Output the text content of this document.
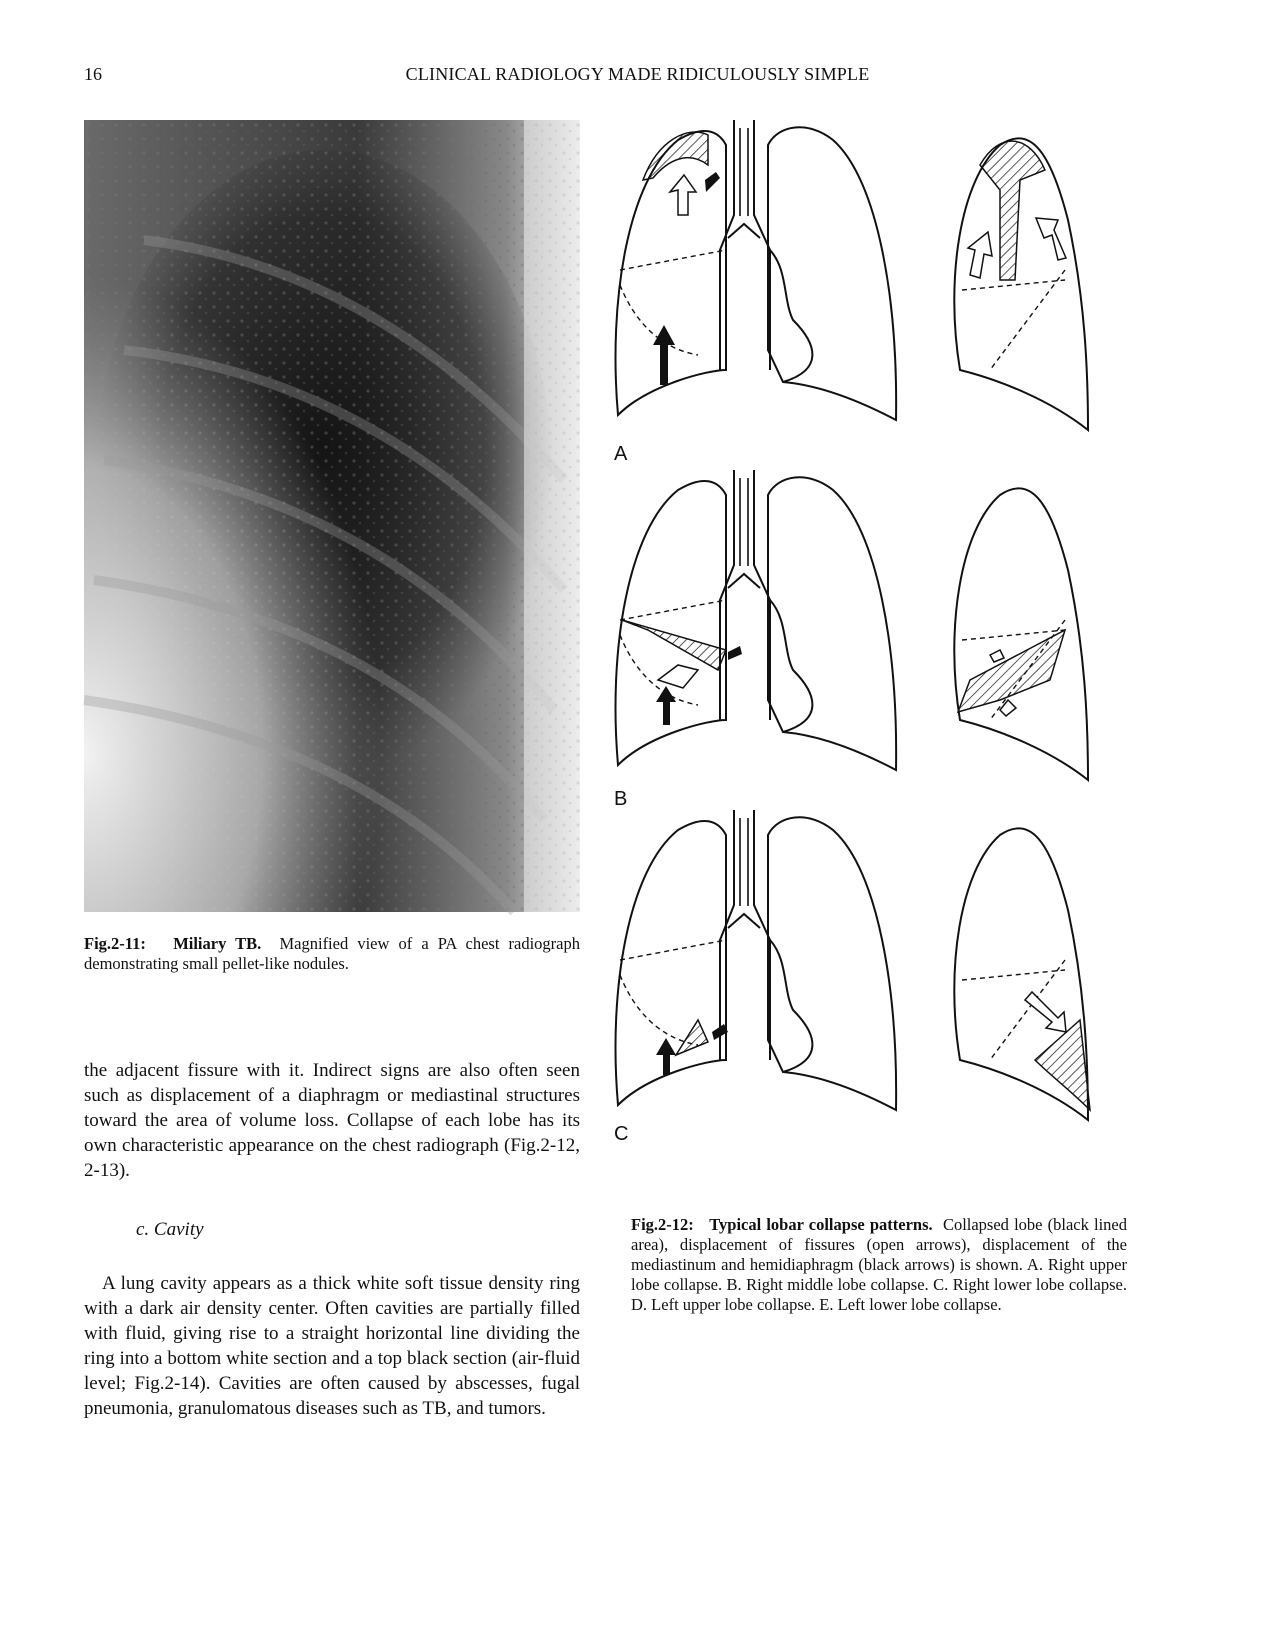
16	CLINICAL RADIOLOGY MADE RIDICULOUSLY SIMPLE
Fig.2-11: Miliary TB. Magnified view of a PA chest radiograph demonstrating small pellet-like nodules.
the adjacent fissure with it. Indirect signs are also often seen such as displacement of a diaphragm or mediastinal structures toward the area of volume loss. Collapse of each lobe has its own characteristic appearance on the chest radiograph (Fig.2-12, 2-13).
c. Cavity
A lung cavity appears as a thick white soft tissue density ring with a dark air density center. Often cavities are partially filled with fluid, giving rise to a straight horizontal line dividing the ring into a bottom white section and a top black section (air-fluid level; Fig.2-14). Cavities are often caused by abscesses, fugal pneumonia, granulomatous diseases such as TB, and tumors.
A
B
C
Fig.2-12: Typical lobar collapse patterns. Collapsed lobe (black lined area), displacement of fissures (open arrows), displacement of the mediastinum and hemidiaphragm (black arrows) is shown. A. Right upper lobe collapse. B. Right middle lobe collapse. C. Right lower lobe collapse. D. Left upper lobe collapse. E. Left lower lobe collapse.
